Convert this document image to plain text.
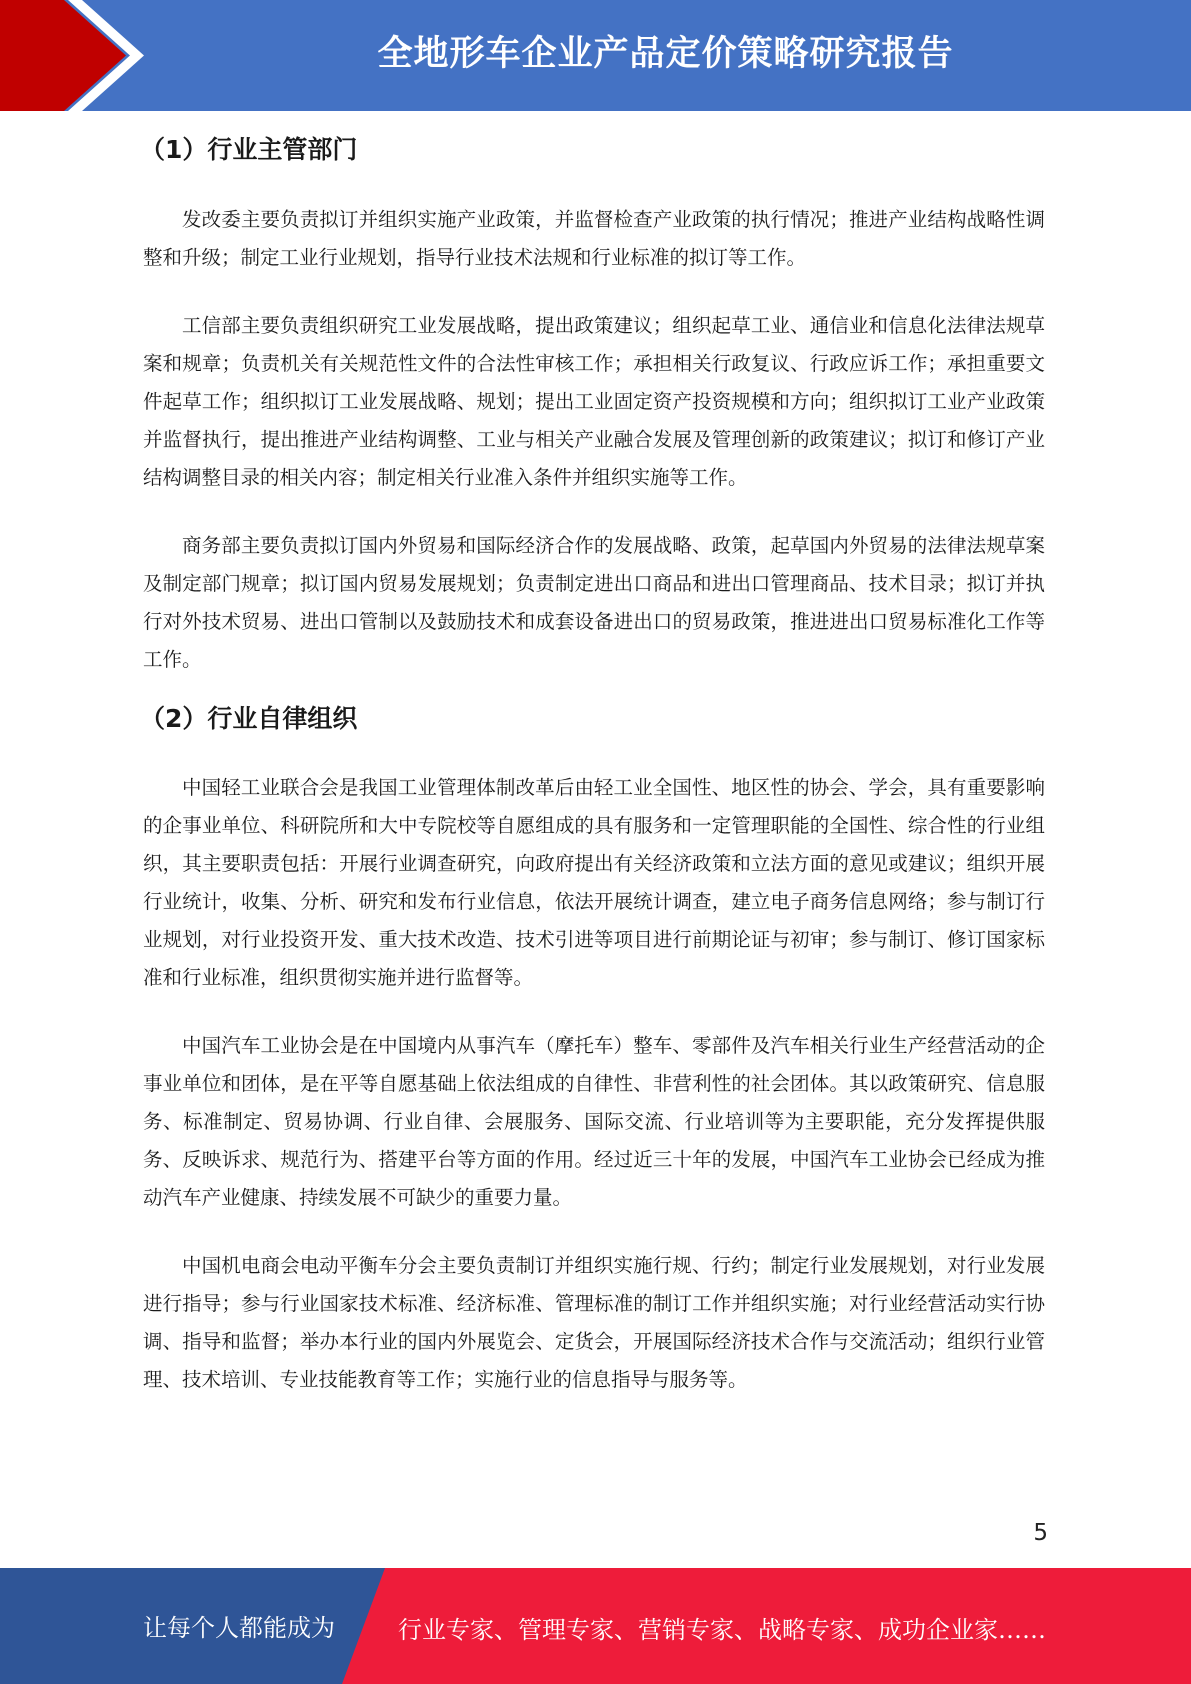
全地形车企业产品定价策略研究报告
（1）行业主管部门

发改委主要负责拟订并组织实施产业政策，并监督检查产业政策的执行情况；推进产业结构战略性调整和升级；制定工业行业规划，指导行业技术法规和行业标准的拟订等工作。

工信部主要负责组织研究工业发展战略，提出政策建议；组织起草工业、通信业和信息化法律法规草案和规章；负责机关有关规范性文件的合法性审核工作；承担相关行政复议、行政应诉工作；承担重要文件起草工作；组织拟订工业发展战略、规划；提出工业固定资产投资规模和方向；组织拟订工业产业政策并监督执行，提出推进产业结构调整、工业与相关产业融合发展及管理创新的政策建议；拟订和修订产业结构调整目录的相关内容；制定相关行业准入条件并组织实施等工作。

商务部主要负责拟订国内外贸易和国际经济合作的发展战略、政策，起草国内外贸易的法律法规草案及制定部门规章；拟订国内贸易发展规划；负责制定进出口商品和进出口管理商品、技术目录；拟订并执行对外技术贸易、进出口管制以及鼓励技术和成套设备进出口的贸易政策，推进进出口贸易标准化工作等工作。

（2）行业自律组织

中国轻工业联合会是我国工业管理体制改革后由轻工业全国性、地区性的协会、学会，具有重要影响的企事业单位、科研院所和大中专院校等自愿组成的具有服务和一定管理职能的全国性、综合性的行业组织，其主要职责包括：开展行业调查研究，向政府提出有关经济政策和立法方面的意见或建议；组织开展行业统计，收集、分析、研究和发布行业信息，依法开展统计调查，建立电子商务信息网络；参与制订行业规划，对行业投资开发、重大技术改造、技术引进等项目进行前期论证与初审；参与制订、修订国家标准和行业标准，组织贯彻实施并进行监督等。

中国汽车工业协会是在中国境内从事汽车（摩托车）整车、零部件及汽车相关行业生产经营活动的企事业单位和团体，是在平等自愿基础上依法组成的自律性、非营利性的社会团体。其以政策研究、信息服务、标准制定、贸易协调、行业自律、会展服务、国际交流、行业培训等为主要职能，充分发挥提供服务、反映诉求、规范行为、搭建平台等方面的作用。经过近三十年的发展，中国汽车工业协会已经成为推动汽车产业健康、持续发展不可缺少的重要力量。

中国机电商会电动平衡车分会主要负责制订并组织实施行规、行约；制定行业发展规划，对行业发展进行指导；参与行业国家技术标准、经济标准、管理标准的制订工作并组织实施；对行业经营活动实行协调、指导和监督；举办本行业的国内外展览会、定货会，开展国际经济技术合作与交流活动；组织行业管理、技术培训、专业技能教育等工作；实施行业的信息指导与服务等。

5
让每个人都能成为	行业专家、管理专家、营销专家、战略专家、成功企业家……
